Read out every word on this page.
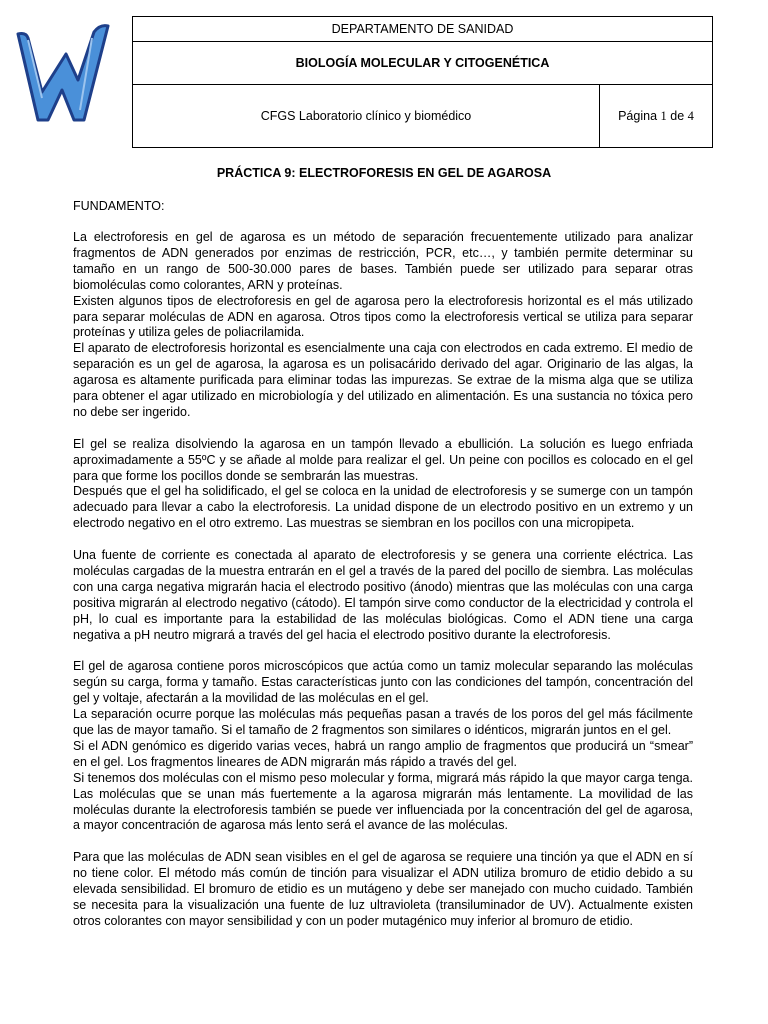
DEPARTAMENTO DE SANIDAD
BIOLOGÍA MOLECULAR Y CITOGENÉTICA
CFGS Laboratorio clínico y biomédico	Página 1 de 4
PRÁCTICA 9: ELECTROFORESIS EN GEL DE AGAROSA
FUNDAMENTO:

La electroforesis en gel de agarosa es un método de separación frecuentemente utilizado para analizar fragmentos de ADN generados por enzimas de restricción, PCR, etc…, y también permite determinar su tamaño en un rango de 500-30.000 pares de bases. También puede ser utilizado para separar otras biomoléculas como colorantes, ARN y proteínas.

Existen algunos tipos de electroforesis en gel de agarosa pero la electroforesis horizontal es el más utilizado para separar moléculas de ADN en agarosa. Otros tipos como la electroforesis vertical se utiliza para separar proteínas y utiliza geles de poliacrilamida.

El aparato de electroforesis horizontal es esencialmente una caja con electrodos en cada extremo. El medio de separación es un gel de agarosa, la agarosa es un polisacárido derivado del agar. Originario de las algas, la agarosa es altamente purificada para eliminar todas las impurezas. Se extrae de la misma alga que se utiliza para obtener el agar utilizado en microbiología y del utilizado en alimentación. Es una sustancia no tóxica pero no debe ser ingerido.

El gel se realiza disolviendo la agarosa en un tampón llevado a ebullición. La solución es luego enfriada aproximadamente a 55ºC y se añade al molde para realizar el gel. Un peine con pocillos es colocado en el gel para que forme los pocillos donde se sembrarán las muestras.

Después que el gel ha solidificado, el gel se coloca en la unidad de electroforesis y se sumerge con un tampón adecuado para llevar a cabo la electroforesis. La unidad dispone de un electrodo positivo en un extremo y un electrodo negativo en el otro extremo. Las muestras se siembran en los pocillos con una micropipeta.

Una fuente de corriente es conectada al aparato de electroforesis y se genera una corriente eléctrica. Las moléculas cargadas de la muestra entrarán en el gel a través de la pared del pocillo de siembra. Las moléculas con una carga negativa migrarán hacia el electrodo positivo (ánodo) mientras que las moléculas con una carga positiva migrarán al electrodo negativo (cátodo). El tampón sirve como conductor de la electricidad y controla el pH, lo cual es importante para la estabilidad de las moléculas biológicas. Como el ADN tiene una carga negativa a pH neutro migrará a través del gel hacia el electrodo positivo durante la electroforesis.

El gel de agarosa contiene poros microscópicos que actúa como un tamiz molecular separando las moléculas según su carga, forma y tamaño. Estas características junto con las condiciones del tampón, concentración del gel y voltaje, afectarán a la movilidad de las moléculas en el gel.

La separación ocurre porque las moléculas más pequeñas pasan a través de los poros del gel más fácilmente que las de mayor tamaño. Si el tamaño de 2 fragmentos son similares o idénticos, migrarán juntos en el gel.

Si el ADN genómico es digerido varias veces, habrá un rango amplio de fragmentos que producirá un “smear” en el gel. Los fragmentos lineares de ADN migrarán más rápido a través del gel.

Si tenemos dos moléculas con el mismo peso molecular y forma, migrará más rápido la que mayor carga tenga. Las moléculas que se unan más fuertemente a la agarosa migrarán más lentamente. La movilidad de las moléculas durante la electroforesis también se puede ver influenciada por la concentración del gel de agarosa, a mayor concentración de agarosa más lento será el avance de las moléculas.

Para que las moléculas de ADN sean visibles en el gel de agarosa se requiere una tinción ya que el ADN en sí no tiene color. El método más común de tinción para visualizar el ADN utiliza bromuro de etidio debido a su elevada sensibilidad. El bromuro de etidio es un mutágeno y debe ser manejado con mucho cuidado. También se necesita para la visualización una fuente de luz ultravioleta (transiluminador de UV). Actualmente existen otros colorantes con mayor sensibilidad y con un poder mutagénico muy inferior al bromuro de etidio.
